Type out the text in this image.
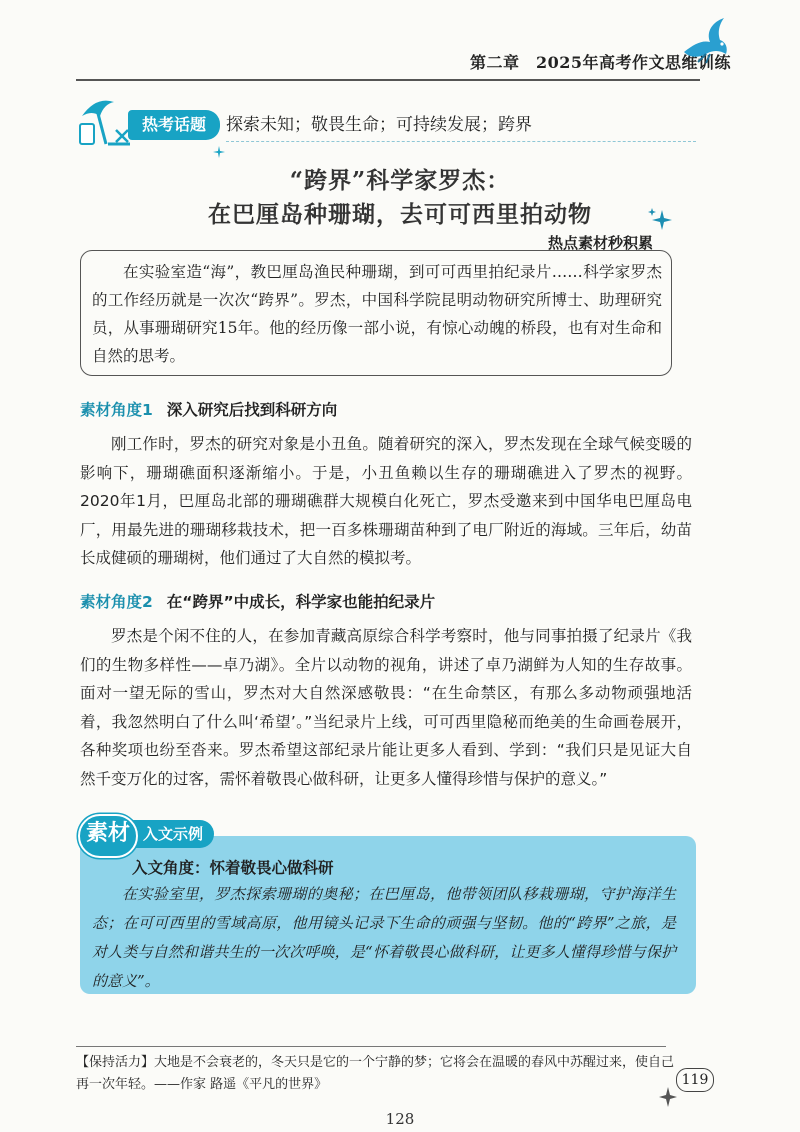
第二章　2025年高考作文思维训练
热考话题	探索未知；敬畏生命；可持续发展；跨界
“跨界”科学家罗杰：
在巴厘岛种珊瑚，去可可西里拍动物
热点素材秒积累
在实验室造“海”，教巴厘岛渔民种珊瑚，到可可西里拍纪录片……科学家罗杰的工作经历就是一次次“跨界”。罗杰，中国科学院昆明动物研究所博士、助理研究员，从事珊瑚研究15年。他的经历像一部小说，有惊心动魄的桥段，也有对生命和自然的思考。
素材角度1 深入研究后找到科研方向
刚工作时，罗杰的研究对象是小丑鱼。随着研究的深入，罗杰发现在全球气候变暖的影响下，珊瑚礁面积逐渐缩小。于是，小丑鱼赖以生存的珊瑚礁进入了罗杰的视野。2020年1月，巴厘岛北部的珊瑚礁群大规模白化死亡，罗杰受邀来到中国华电巴厘岛电厂，用最先进的珊瑚移栽技术，把一百多株珊瑚苗种到了电厂附近的海域。三年后，幼苗长成健硕的珊瑚树，他们通过了大自然的模拟考。
素材角度2 在“跨界”中成长，科学家也能拍纪录片
罗杰是个闲不住的人，在参加青藏高原综合科学考察时，他与同事拍摄了纪录片《我们的生物多样性——卓乃湖》。全片以动物的视角，讲述了卓乃湖鲜为人知的生存故事。面对一望无际的雪山，罗杰对大自然深感敬畏：“在生命禁区，有那么多动物顽强地活着，我忽然明白了什么叫‘希望’。”当纪录片上线，可可西里隐秘而绝美的生命画卷展开，各种奖项也纷至沓来。罗杰希望这部纪录片能让更多人看到、学到：“我们只是见证大自然千变万化的过客，需怀着敬畏心做科研，让更多人懂得珍惜与保护的意义。”
入文示例
素材
入文角度：怀着敬畏心做科研
在实验室里，罗杰探索珊瑚的奥秘；在巴厘岛，他带领团队移栽珊瑚，守护海洋生态；在可可西里的雪域高原，他用镜头记录下生命的顽强与坚韧。他的“跨界”之旅，是对人类与自然和谐共生的一次次呼唤，是“怀着敬畏心做科研，让更多人懂得珍惜与保护的意义”。
【保持活力】大地是不会衰老的，冬天只是它的一个宁静的梦；它将会在温暖的春风中苏醒过来，使自己再一次年轻。——作家 路遥《平凡的世界》	119
128
